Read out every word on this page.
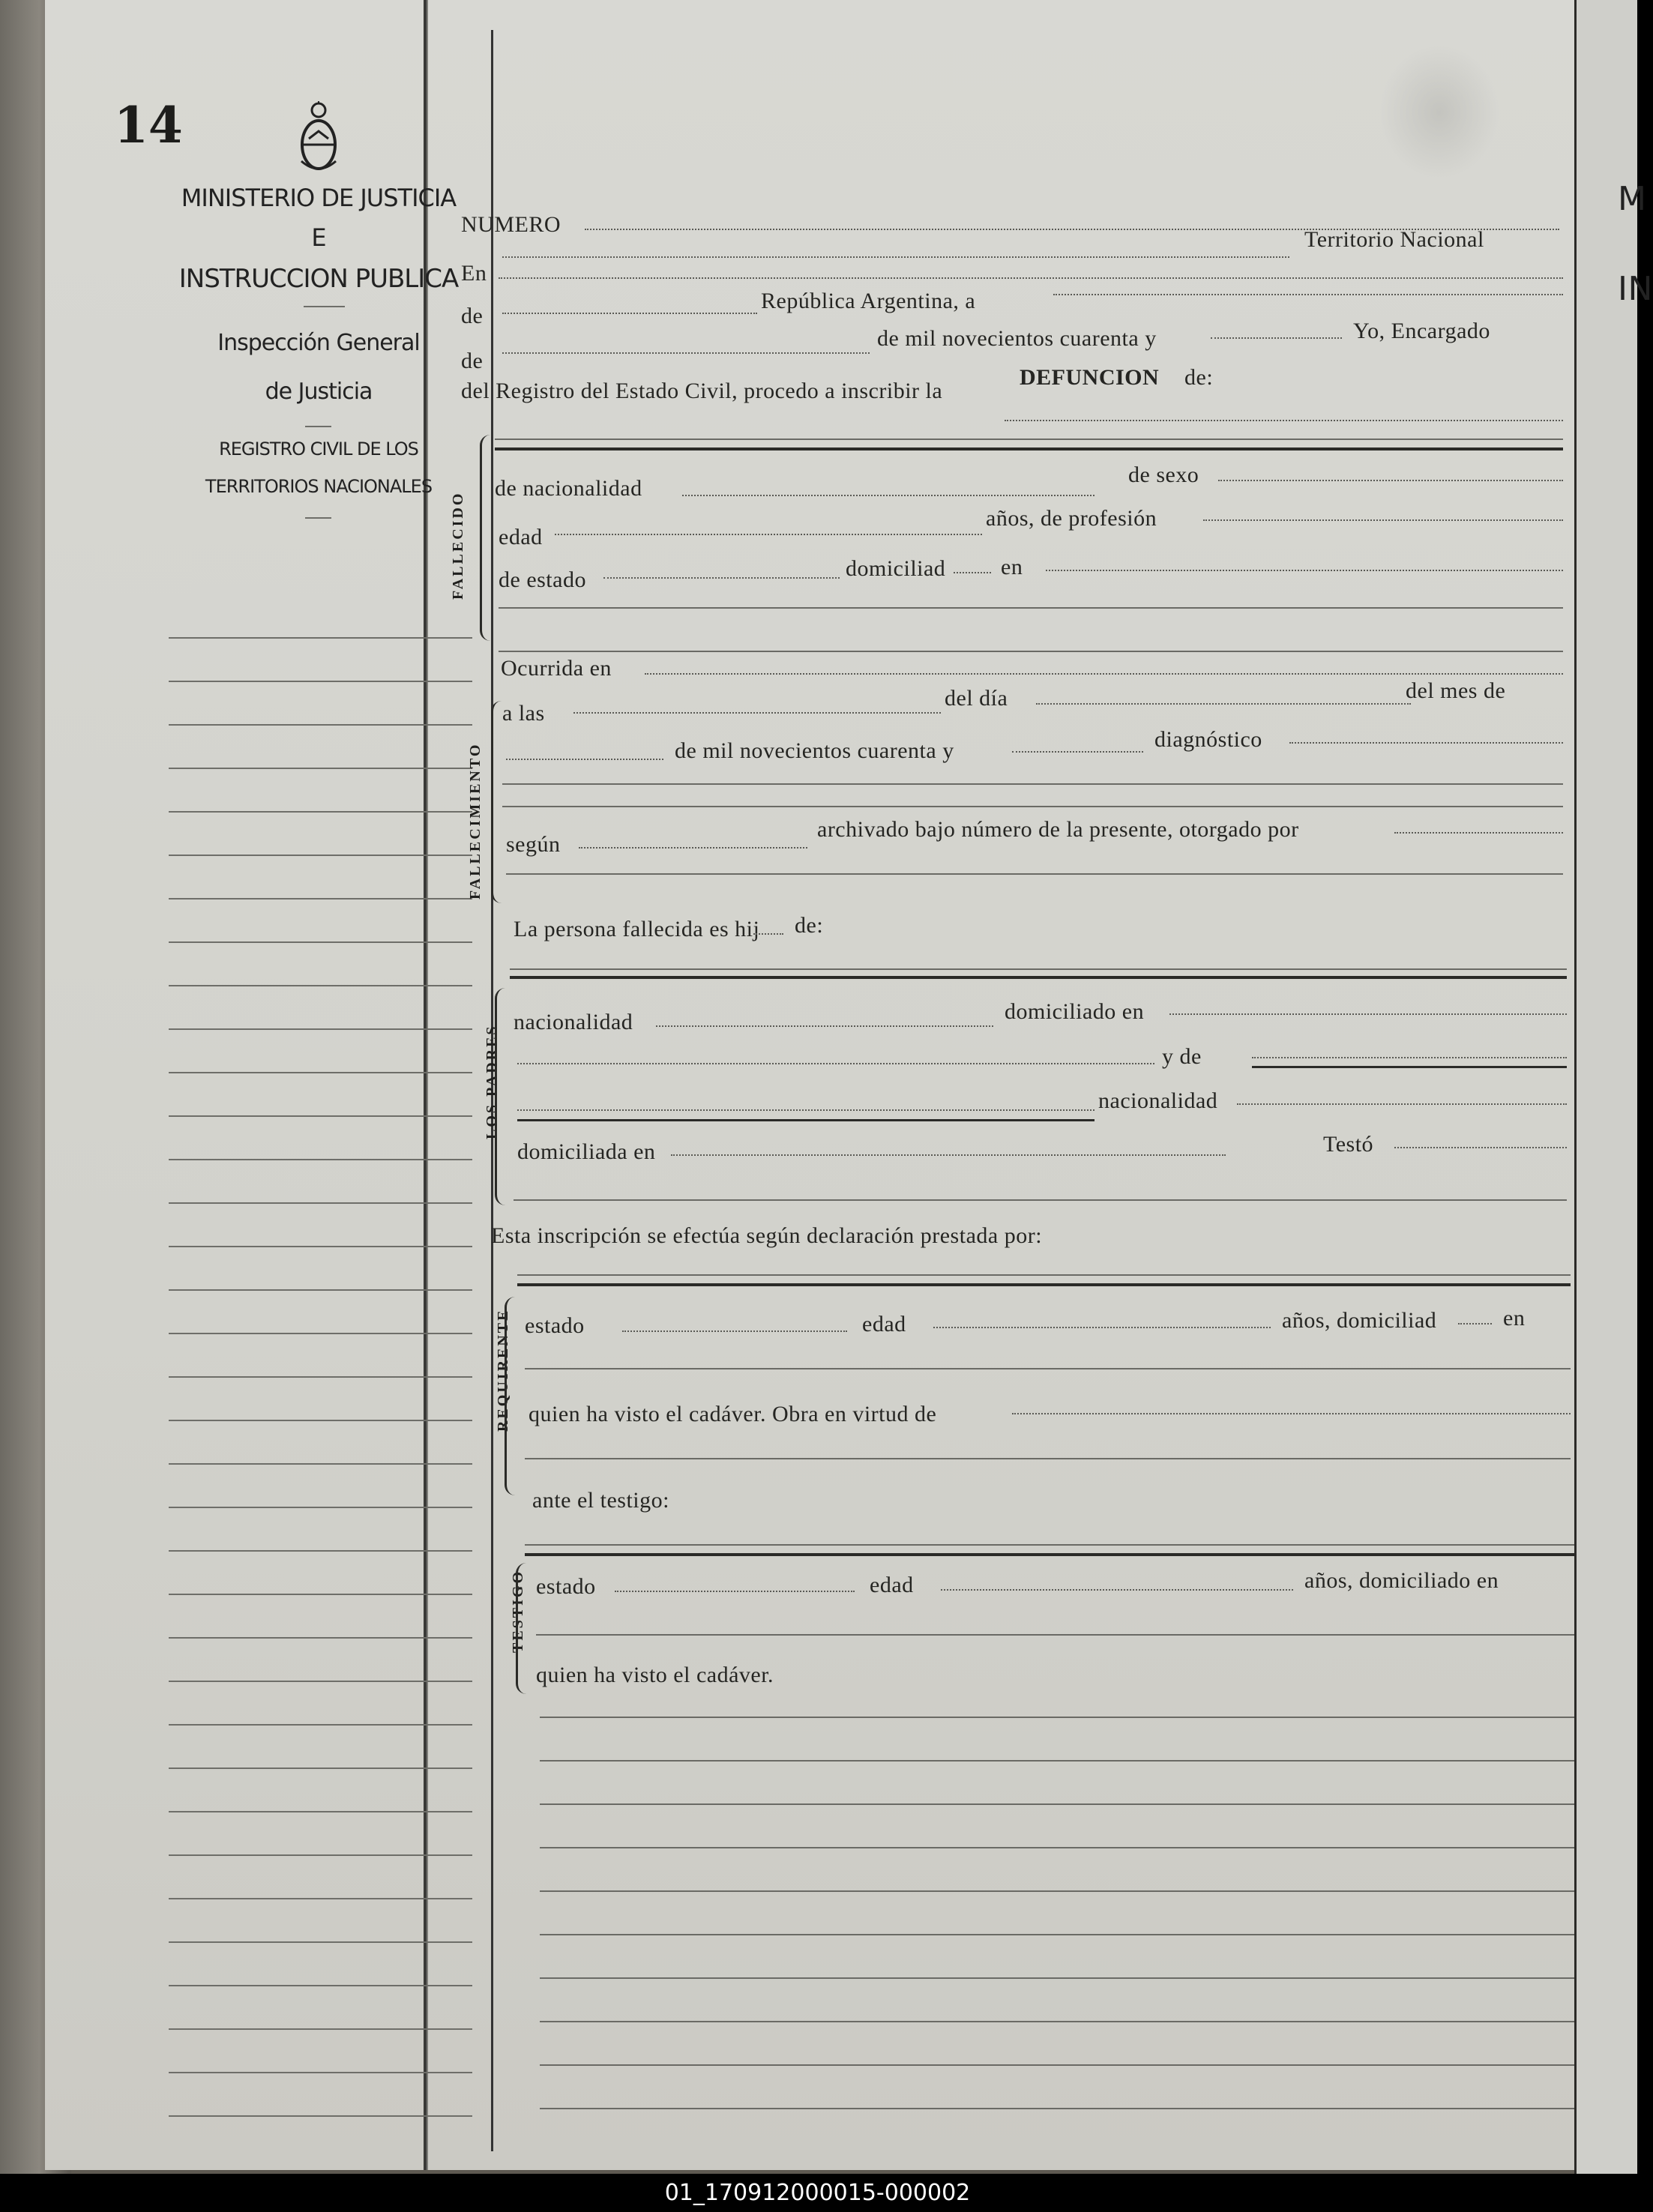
14
MINISTERIO DE JUSTICIA
E
INSTRUCCION PUBLICA
Inspección General
de Justicia
REGISTRO CIVIL DE LOS
TERRITORIOS NACIONALES
NUMERO
Territorio Nacional
En
de
República Argentina, a
de
de mil novecientos cuarenta y	Yo, Encargado
del Registro del Estado Civil, procedo a inscribir la
DEFUNCION de:
FALLECIDO
de nacionalidad
de sexo
edad
años, de profesión
de estado	domiciliad en
FALLECIMIENTO
Ocurrida en
a las
del día	del mes de
de mil novecientos cuarenta y	diagnóstico
según
archivado bajo número de la presente, otorgado por
La persona fallecida es hij de:
LOS PADRES
nacionalidad	domiciliado en
y de
nacionalidad
domiciliada en	Testó
Esta inscripción se efectúa según declaración prestada por:
REQUIRENTE estado	edad	años, domiciliad	en
quien ha visto el cadáver. Obra en virtud de
ante el testigo:
TESTIGO estado	edad	años, domiciliado en
quien ha visto el cadáver.
M
IN
01_170912000015-000002
